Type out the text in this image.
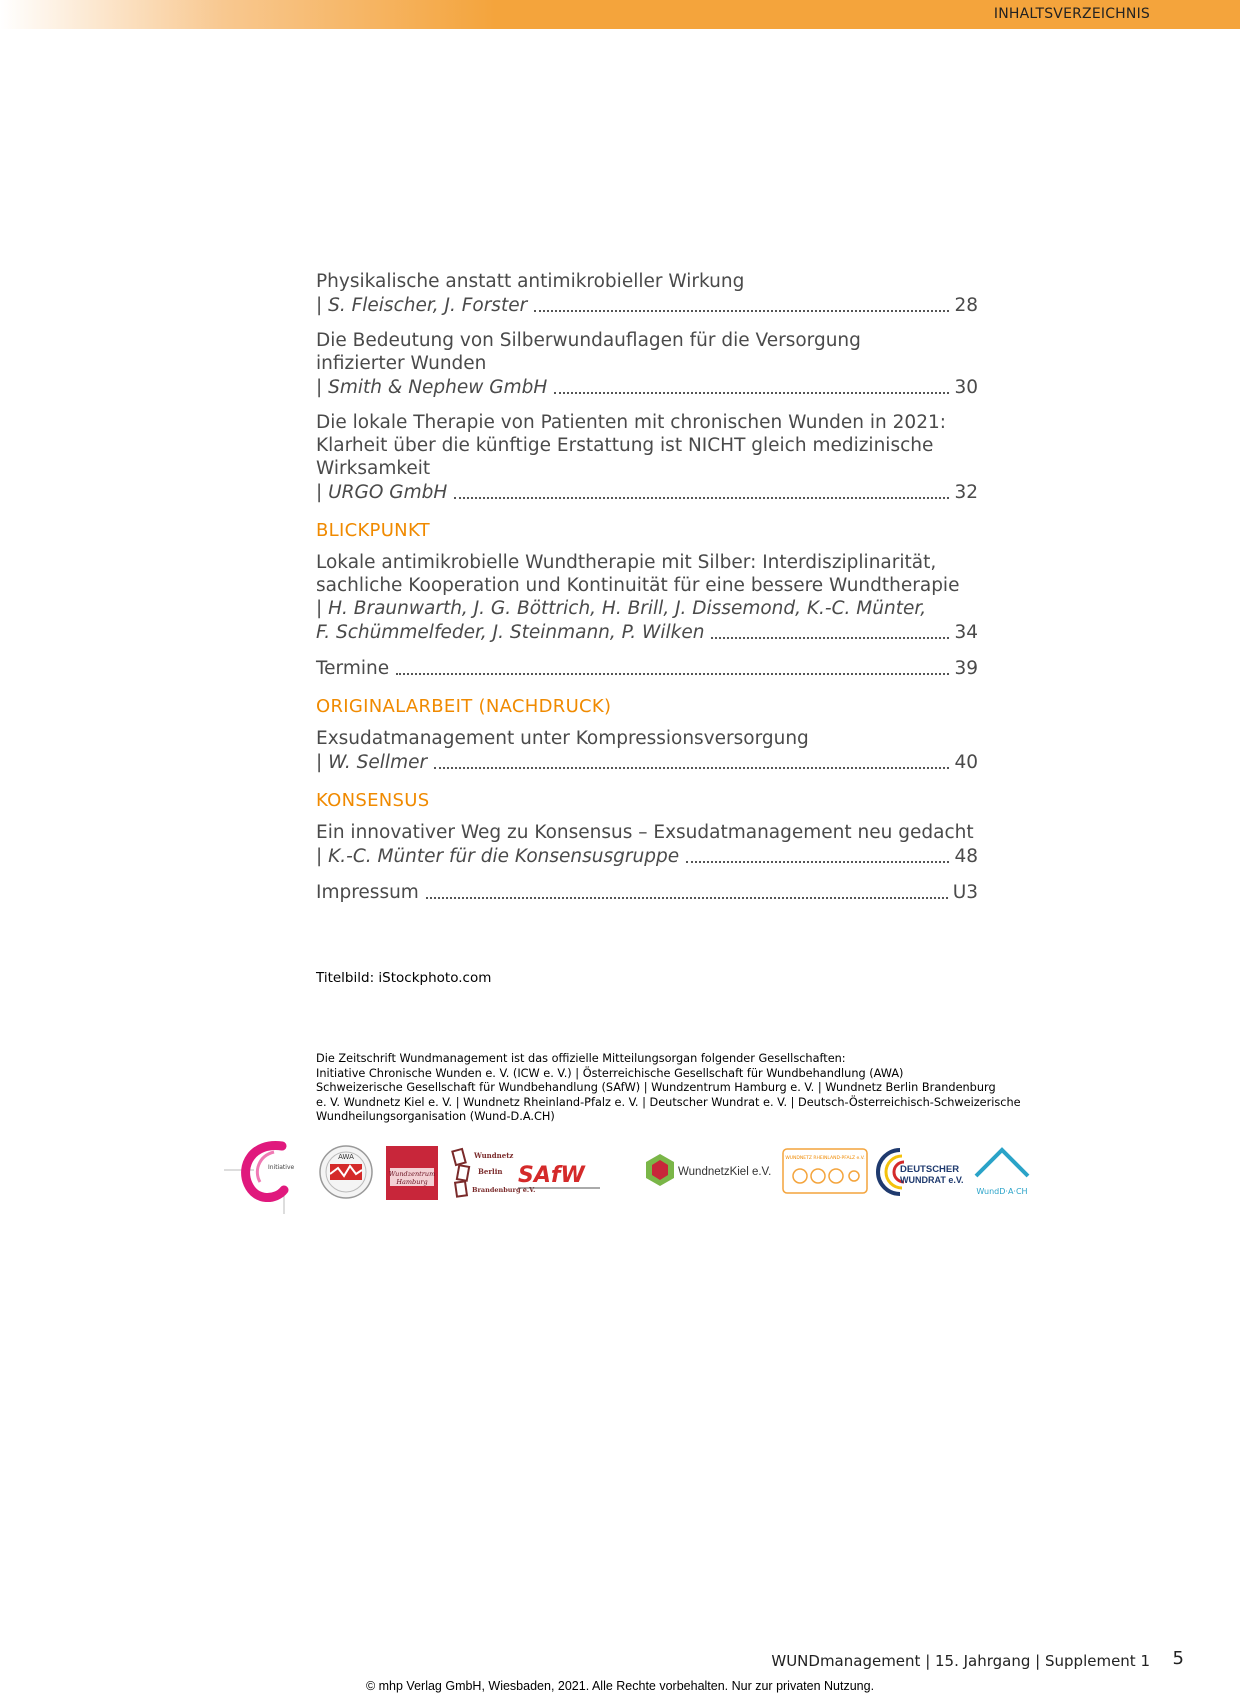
INHALTSVERZEICHNIS
Physikalische anstatt antimikrobieller Wirkung
| S. Fleischer, J. Forster	28
Die Bedeutung von Silberwundauflagen für die Versorgung
infizierter Wunden
| Smith & Nephew GmbH	30
Die lokale Therapie von Patienten mit chronischen Wunden in 2021:
Klarheit über die künftige Erstattung ist NICHT gleich medizinische
Wirksamkeit
| URGO GmbH	32
BLICKPUNKT
Lokale antimikrobielle Wundtherapie mit Silber: Interdisziplinarität,
sachliche Kooperation und Kontinuität für eine bessere Wundtherapie
| H. Braunwarth, J. G. Böttrich, H. Brill, J. Dissemond, K.-C. Münter,
F. Schümmelfeder, J. Steinmann, P. Wilken	34
Termine	39
ORIGINALARBEIT (NACHDRUCK)
Exsudatmanagement unter Kompressionsversorgung
| W. Sellmer	40
KONSENSUS
Ein innovativer Weg zu Konsensus – Exsudatmanagement neu gedacht
| K.-C. Münter für die Konsensusgruppe	48
Impressum	U3
Titelbild: iStockphoto.com
Die Zeitschrift Wundmanagement ist das offizielle Mitteilungsorgan folgender Gesellschaften:
Initiative Chronische Wunden e. V. (ICW e. V.) | Österreichische Gesellschaft für Wundbehandlung (AWA)
Schweizerische Gesellschaft für Wundbehandlung (SAfW) | Wundzentrum Hamburg e. V. | Wundnetz Berlin Brandenburg
e. V. Wundnetz Kiel e. V. | Wundnetz Rheinland-Pfalz e. V. | Deutscher Wundrat e. V. | Deutsch-Österreichisch-Schweizerische
Wundheilungsorganisation (Wund-D.A.CH)
Initiative
AWA
Wundzentrum
Hamburg
Wundnetz
Berlin
Brandenburg e.V.
SAfW	WundnetzKiel e.V.
WUNDNETZ RHEINLAND-PFALZ e.V.
DEUTSCHER
WUNDRAT e.V.
WundD·A·CH
WUNDmanagement | 15. Jahrgang | Supplement 1 5
© mhp Verlag GmbH, Wiesbaden, 2021. Alle Rechte vorbehalten. Nur zur privaten Nutzung.
